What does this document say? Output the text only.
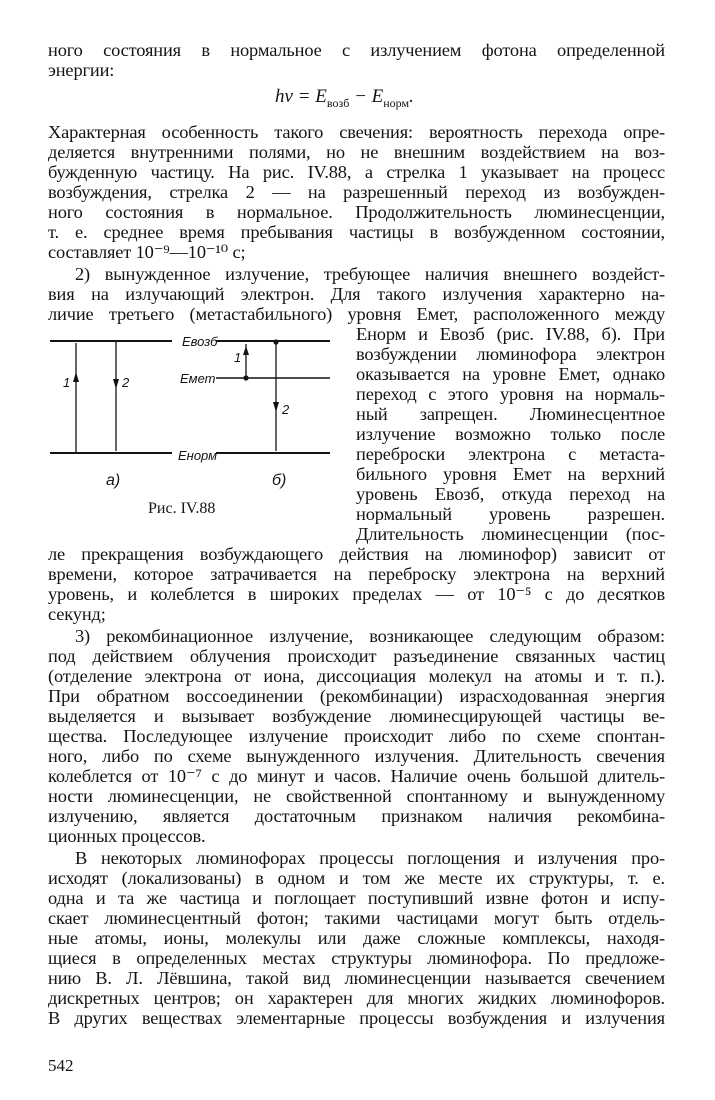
ного состояния в нормальное с излучением фотона определенной
энергии:
$h\nu = E_{возб} - E_{норм}$.
Характерная особенность такого свечения: вероятность перехода опре-
деляется внутренними полями, но не внешним воздействием на воз-
бужденную частицу. На рис. IV.88, а стрелка 1 указывает на процесс
возбуждения, стрелка 2 — на разрешенный переход из возбужден-
ного состояния в нормальное. Продолжительность люминесценции,
т. е. среднее время пребывания частицы в возбужденном состоянии,
составляет 10⁻⁹—10⁻¹⁰ с;
2) вынужденное излучение, требующее наличия внешнего воздейст-
вия на излучающий электрон. Для такого излучения характерно на-
личие третьего (метастабильного) уровня Eмет, расположенного между
Eнорм и Eвозб (рис. IV.88, б). При
возбуждении люминофора электрон
оказывается на уровне Eмет, однако
переход с этого уровня на нормаль-
ный запрещен. Люминесцентное
излучение возможно только после
переброски электрона с метаста-
бильного уровня Eмет на верхний
уровень Eвозб, откуда переход на
нормальный уровень разрешен.
Длительность люминесценции (пос-
ле прекращения возбуждающего действия на люминофор) зависит от
времени, которое затрачивается на переброску электрона на верхний
уровень, и колеблется в широких пределах — от 10⁻⁵ с до десятков
секунд;
3) рекомбинационное излучение, возникающее следующим образом:
под действием облучения происходит разъединение связанных частиц
(отделение электрона от иона, диссоциация молекул на атомы и т. п.).
При обратном воссоединении (рекомбинации) израсходованная энергия
выделяется и вызывает возбуждение люминесцирующей частицы ве-
щества. Последующее излучение происходит либо по схеме спонтан-
ного, либо по схеме вынужденного излучения. Длительность свечения
колеблется от 10⁻⁷ с до минут и часов. Наличие очень большой длитель-
ности люминесценции, не свойственной спонтанному и вынужденному
излучению, является достаточным признаком наличия рекомбина-
ционных процессов.
В некоторых люминофорах процессы поглощения и излучения про-
исходят (локализованы) в одном и том же месте их структуры, т. е.
одна и та же частица и поглощает поступивший извне фотон и испу-
скает люминесцентный фотон; такими частицами могут быть отдель-
ные атомы, ионы, молекулы или даже сложные комплексы, находя-
щиеся в определенных местах структуры люминофора. По предложе-
нию В. Л. Лёвшина, такой вид люминесценции называется свечением
дискретных центров; он характерен для многих жидких люминофоров.
В других веществах элементарные процессы возбуждения и излучения
1	2
1
2
Eвозб
Eмет
Eнорм
а)	б)
Рис. IV.88
542
